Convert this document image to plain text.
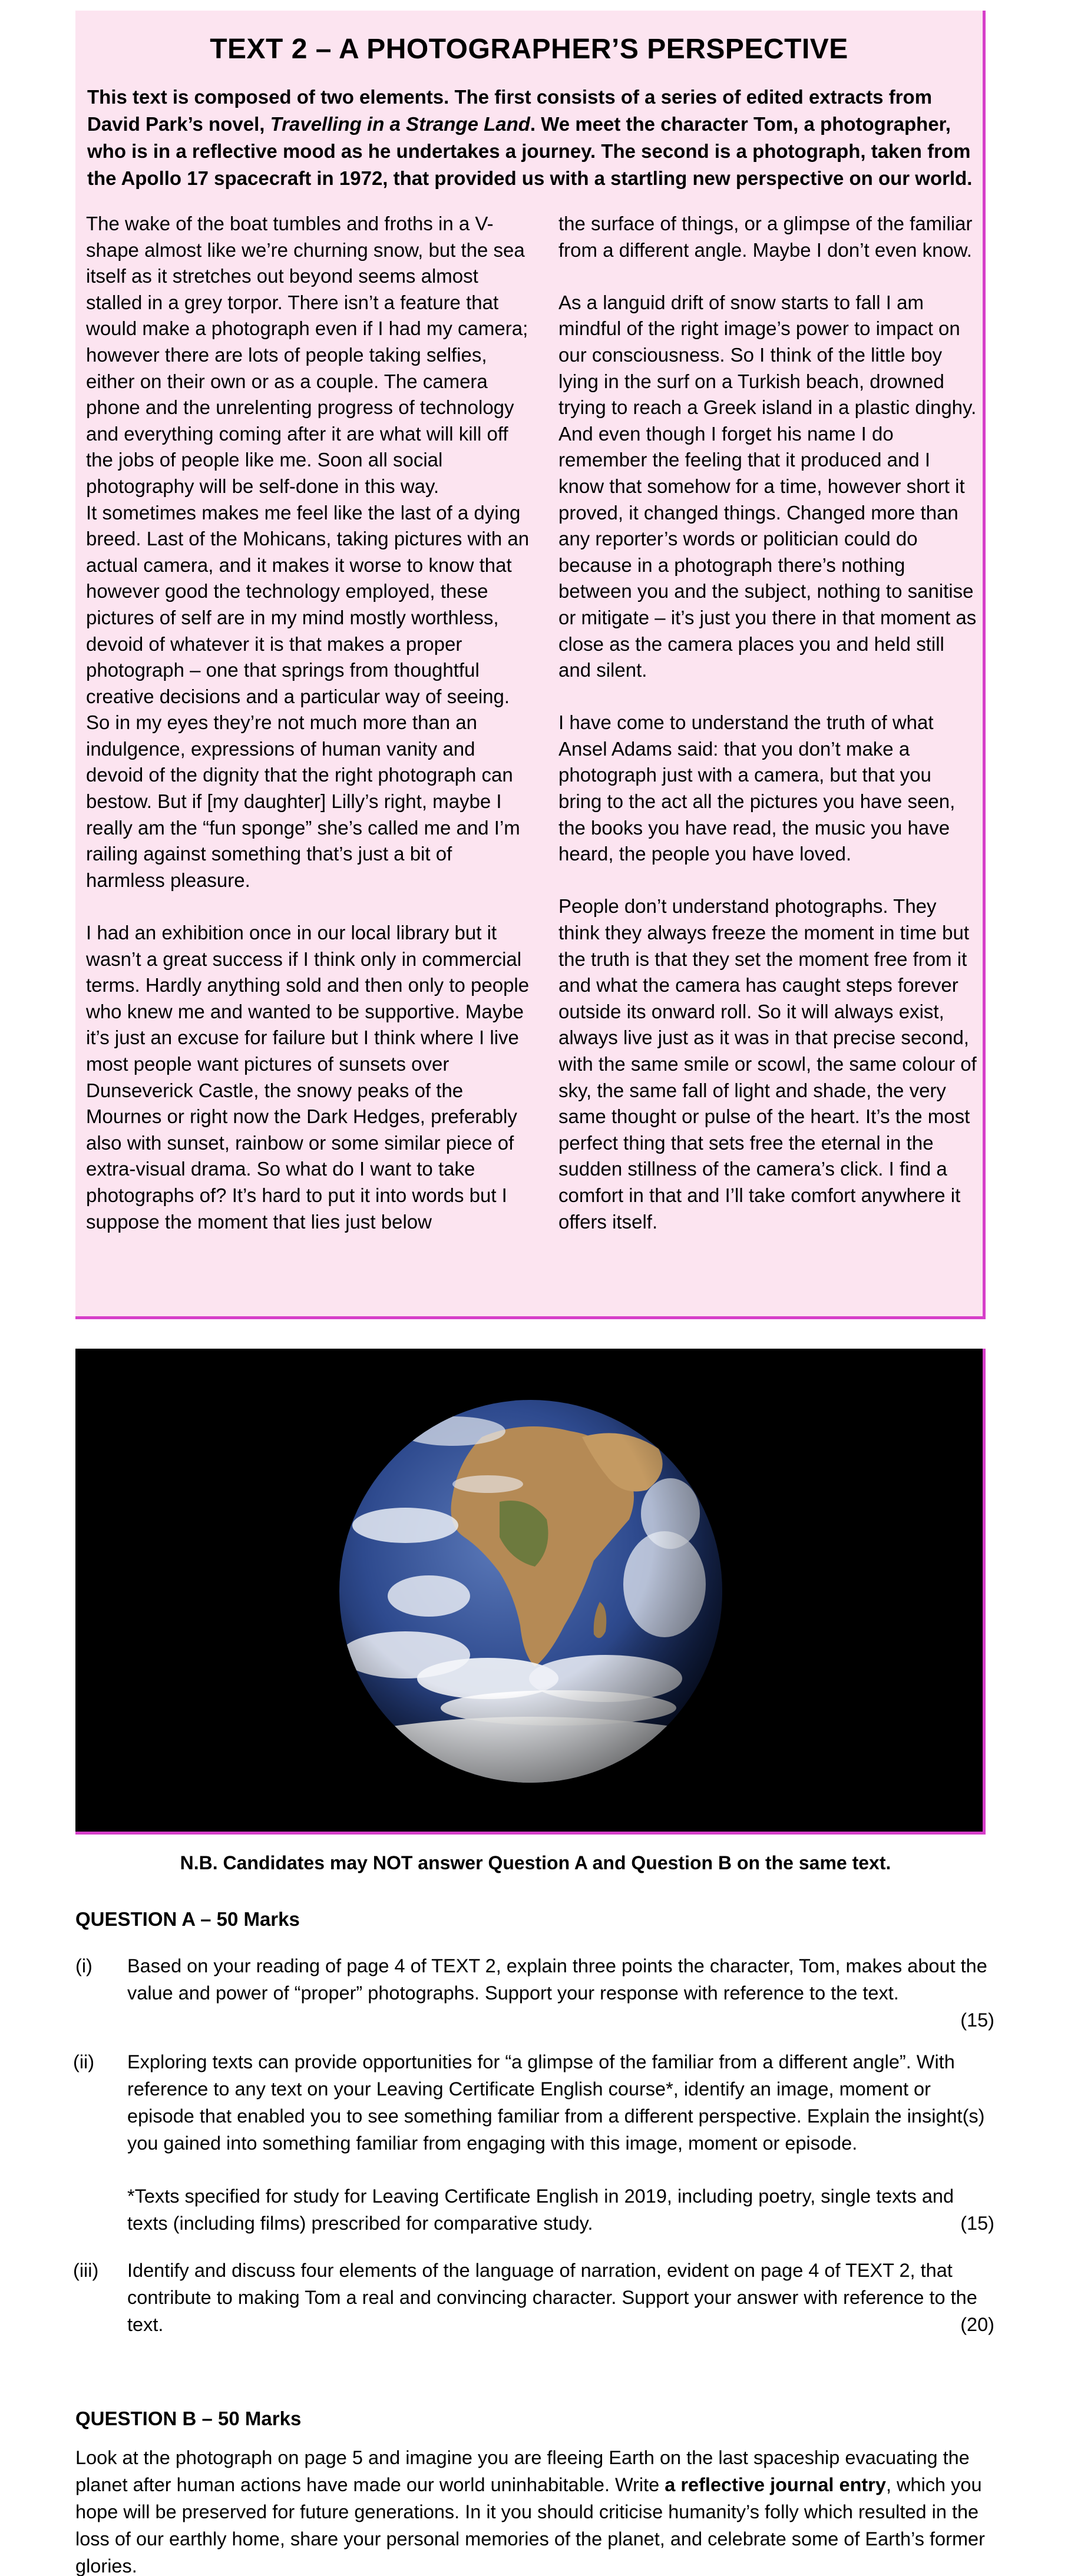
TEXT 2 – A PHOTOGRAPHER’S PERSPECTIVE
This text is composed of two elements. The first consists of a series of edited extracts from David Park’s novel, Travelling in a Strange Land. We meet the character Tom, a photographer, who is in a reflective mood as he undertakes a journey. The second is a photograph, taken from the Apollo 17 spacecraft in 1972, that provided us with a startling new perspective on our world.
The wake of the boat tumbles and froths in a V-shape almost like we’re churning snow, but the sea itself as it stretches out beyond seems almost stalled in a grey torpor. There isn’t a feature that would make a photograph even if I had my camera; however there are lots of people taking selfies, either on their own or as a couple. The camera phone and the unrelenting progress of technology and everything coming after it are what will kill off the jobs of people like me. Soon all social photography will be self-done in this way.
It sometimes makes me feel like the last of a dying breed. Last of the Mohicans, taking pictures with an actual camera, and it makes it worse to know that however good the technology employed, these pictures of self are in my mind mostly worthless, devoid of whatever it is that makes a proper photograph – one that springs from thoughtful creative decisions and a particular way of seeing. So in my eyes they’re not much more than an indulgence, expressions of human vanity and devoid of the dignity that the right photograph can bestow. But if [my daughter] Lilly’s right, maybe I really am the “fun sponge” she’s called me and I’m railing against something that’s just a bit of harmless pleasure.
I had an exhibition once in our local library but it wasn’t a great success if I think only in commercial terms. Hardly anything sold and then only to people who knew me and wanted to be supportive. Maybe it’s just an excuse for failure but I think where I live most people want pictures of sunsets over Dunseverick Castle, the snowy peaks of the Mournes or right now the Dark Hedges, preferably also with sunset, rainbow or some similar piece of extra-visual drama. So what do I want to take photographs of? It’s hard to put it into words but I suppose the moment that lies just below
the surface of things, or a glimpse of the familiar from a different angle. Maybe I don’t even know.
As a languid drift of snow starts to fall I am mindful of the right image’s power to impact on our consciousness. So I think of the little boy lying in the surf on a Turkish beach, drowned trying to reach a Greek island in a plastic dinghy. And even though I forget his name I do remember the feeling that it produced and I know that somehow for a time, however short it proved, it changed things. Changed more than any reporter’s words or politician could do because in a photograph there’s nothing between you and the subject, nothing to sanitise or mitigate – it’s just you there in that moment as close as the camera places you and held still and silent.
I have come to understand the truth of what Ansel Adams said: that you don’t make a photograph just with a camera, but that you bring to the act all the pictures you have seen, the books you have read, the music you have heard, the people you have loved.
People don’t understand photographs. They think they always freeze the moment in time but the truth is that they set the moment free from it and what the camera has caught steps forever outside its onward roll. So it will always exist, always live just as it was in that precise second, with the same smile or scowl, the same colour of sky, the same fall of light and shade, the very same thought or pulse of the heart. It’s the most perfect thing that sets free the eternal in the sudden stillness of the camera’s click. I find a comfort in that and I’ll take comfort anywhere it offers itself.
N.B. Candidates may NOT answer Question A and Question B on the same text.
QUESTION A – 50 Marks
(i) Based on your reading of page 4 of TEXT 2, explain three points the character, Tom, makes about the value and power of “proper” photographs. Support your response with reference to the text.
(15)
(ii) Exploring texts can provide opportunities for “a glimpse of the familiar from a different angle”. With reference to any text on your Leaving Certificate English course*, identify an image, moment or episode that enabled you to see something familiar from a different perspective. Explain the insight(s) you gained into something familiar from engaging with this image, moment or episode.
*Texts specified for study for Leaving Certificate English in 2019, including poetry, single texts and texts (including films) prescribed for comparative study.	(15)
(iii) Identify and discuss four elements of the language of narration, evident on page 4 of TEXT 2, that contribute to making Tom a real and convincing character. Support your answer with reference to the text.	(20)
QUESTION B – 50 Marks
Look at the photograph on page 5 and imagine you are fleeing Earth on the last spaceship evacuating the planet after human actions have made our world uninhabitable. Write a reflective journal entry, which you hope will be preserved for future generations. In it you should criticise humanity’s folly which resulted in the loss of our earthly home, share your personal memories of the planet, and celebrate some of Earth’s former glories.
